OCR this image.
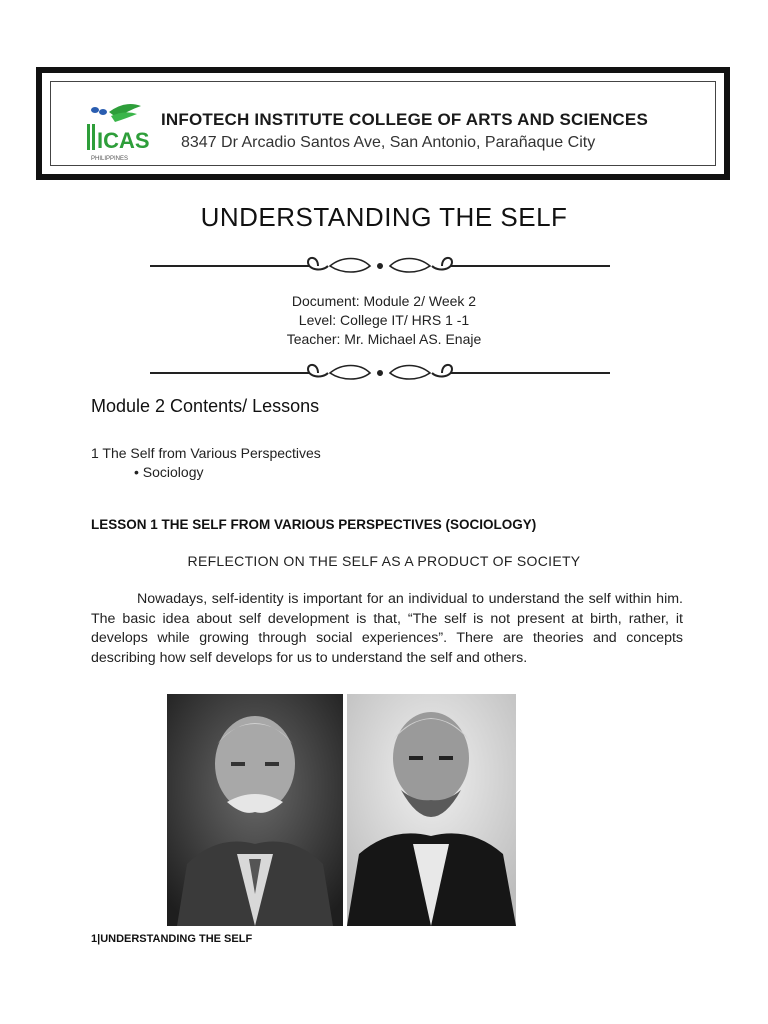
ICAS
PHILIPPINES
INFOTECH INSTITUTE COLLEGE OF ARTS AND SCIENCES
8347 Dr Arcadio Santos Ave, San Antonio, Parañaque City
UNDERSTANDING THE SELF
Document: Module 2/ Week 2
Level: College IT/ HRS 1 -1
Teacher: Mr. Michael AS. Enaje
Module 2 Contents/ Lessons
1 The Self from Various Perspectives
• Sociology
LESSON 1 THE SELF FROM VARIOUS PERSPECTIVES (SOCIOLOGY)
REFLECTION ON THE SELF AS A PRODUCT OF SOCIETY
Nowadays, self-identity is important for an individual to understand the self within him. The basic idea about self development is that, “The self is not present at birth, rather, it develops while growing through social experiences”. There are theories and concepts describing how self develops for us to understand the self and others.
1|UNDERSTANDING THE SELF
